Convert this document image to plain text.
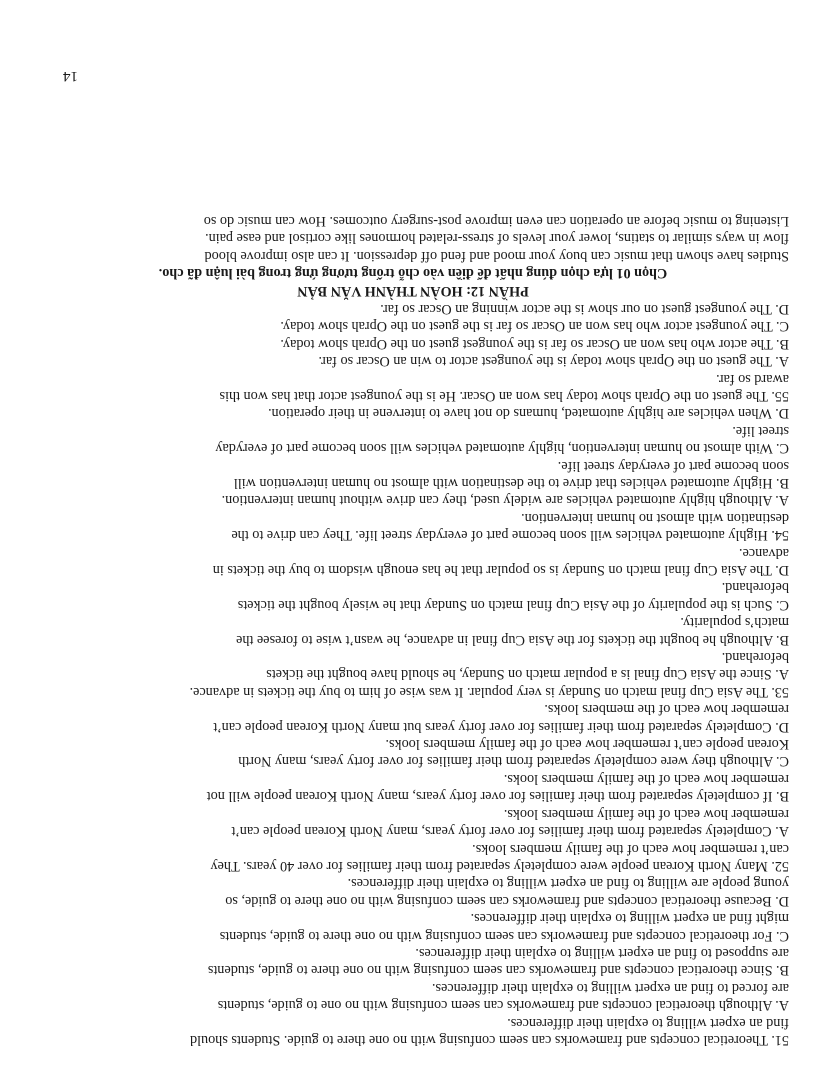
51. Theoretical concepts and frameworks can seem confusing with no one there to guide. Students should
find an expert willing to explain their differences.
A. Although theoretical concepts and frameworks can seem confusing with no one to guide, students
are forced to find an expert willing to explain their differences.
B. Since theoretical concepts and frameworks can seem confusing with no one there to guide, students
are supposed to find an expert willing to explain their differences.
C. For theoretical concepts and frameworks can seem confusing with no one there to guide, students
might find an expert willing to explain their differences.
D. Because theoretical concepts and frameworks can seem confusing with no one there to guide, so
young people are willing to find an expert willing to explain their differences.
52. Many North Korean people were completely separated from their families for over 40 years. They
can’t remember how each of the family members looks.
A. Completely separated from their families for over forty years, many North Korean people can’t
remember how each of the family members looks.
B. If completely separated from their families for over forty years, many North Korean people will not
remember how each of the family members looks.
C. Although they were completely separated from their families for over forty years, many North
Korean people can’t remember how each of the family members looks.
D. Completely separated from their families for over forty years but many North Korean people can’t
remember how each of the members looks.
53. The Asia Cup final match on Sunday is very popular. It was wise of him to buy the tickets in advance.
A. Since the Asia Cup final is a popular match on Sunday, he should have bought the tickets
beforehand.
B. Although he bought the tickets for the Asia Cup final in advance, he wasn’t wise to foresee the
match’s popularity.
C. Such is the popularity of the Asia Cup final match on Sunday that he wisely bought the tickets
beforehand.
D. The Asia Cup final match on Sunday is so popular that he has enough wisdom to buy the tickets in
advance.
54. Highly automated vehicles will soon become part of everyday street life. They can drive to the
destination with almost no human intervention.
A. Although highly automated vehicles are widely used, they can drive without human intervention.
B. Highly automated vehicles that drive to the destination with almost no human intervention will
soon become part of everyday street life.
C. With almost no human intervention, highly automated vehicles will soon become part of everyday
street life.
D. When vehicles are highly automated, humans do not have to intervene in their operation.
55. The guest on the Oprah show today has won an Oscar. He is the youngest actor that has won this
award so far.
A. The guest on the Oprah show today is the youngest actor to win an Oscar so far.
B. The actor who has won an Oscar so far is the youngest guest on the Oprah show today.
C. The youngest actor who has won an Oscar so far is the guest on the Oprah show today.
D. The youngest guest on our show is the actor winning an Oscar so far.
PHẦN 12: HOÀN THÀNH VĂN BẢN
Chọn 01 lựa chọn đúng nhất để điền vào chỗ trống tương ứng trong bài luận đã cho.
Studies have shown that music can buoy your mood and fend off depression. It can also improve blood
flow in ways similar to statins, lower your levels of stress-related hormones like cortisol and ease pain.
Listening to music before an operation can even improve post-surgery outcomes. How can music do so
14
